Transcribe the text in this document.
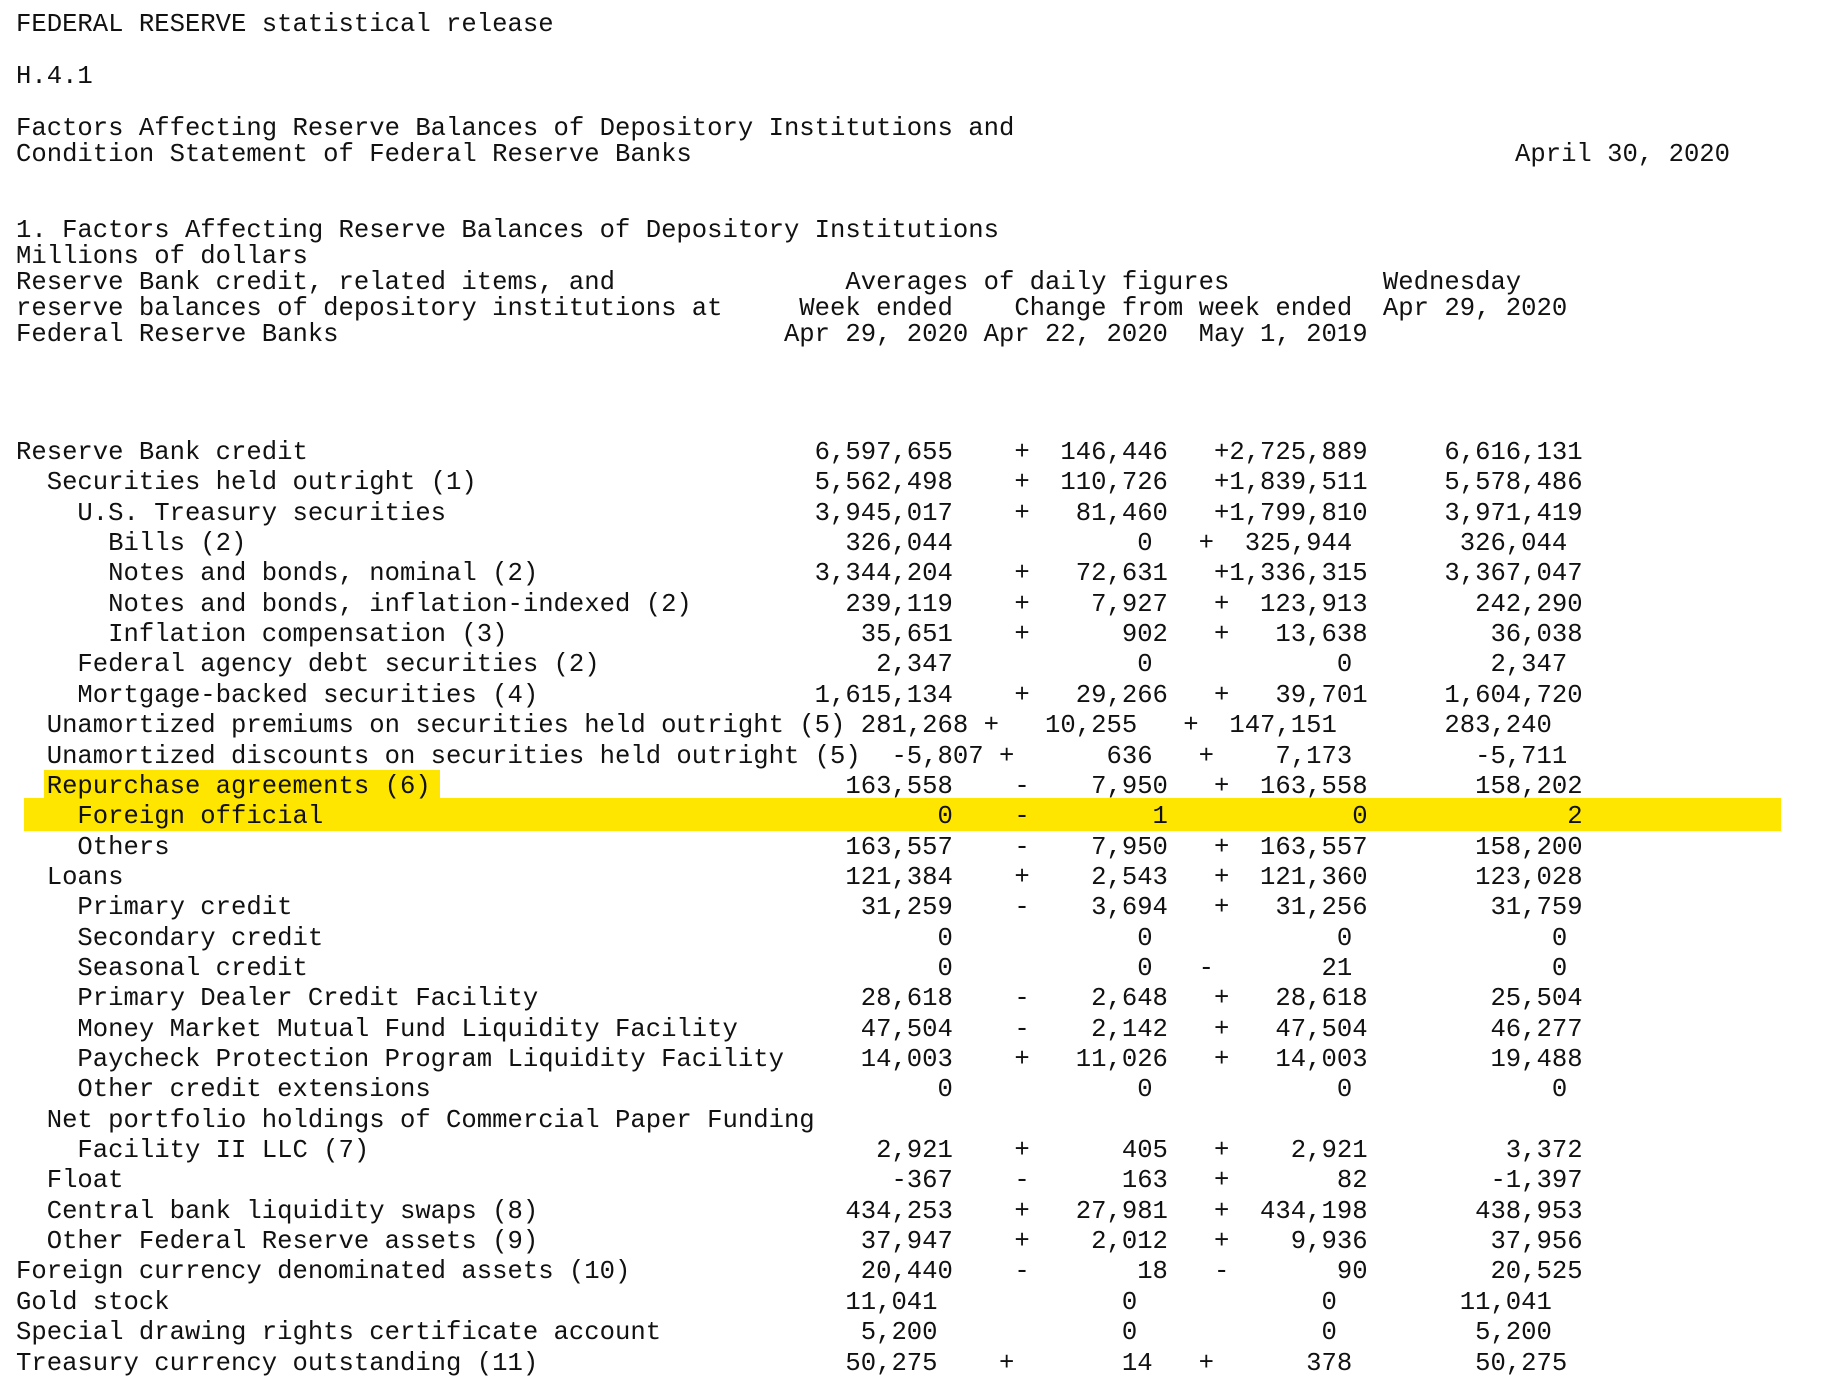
FEDERAL RESERVE statistical release
H.4.1
Factors Affecting Reserve Balances of Depository Institutions and
Condition Statement of Federal Reserve Banks	April 30, 2020
1. Factors Affecting Reserve Balances of Depository Institutions
Millions of dollars
Reserve Bank credit, related items, and               Averages of daily figures          Wednesday
reserve balances of depository institutions at     Week ended    Change from week ended  Apr 29, 2020
Federal Reserve Banks                             Apr 29, 2020 Apr 22, 2020  May 1, 2019
Reserve Bank credit                                 6,597,655    +  146,446   +2,725,889     6,616,131
Securities held outright (1)                      5,562,498    +  110,726   +1,839,511     5,578,486
U.S. Treasury securities                        3,945,017    +   81,460   +1,799,810     3,971,419
Bills (2)                                       326,044            0   +  325,944       326,044
Notes and bonds, nominal (2)                  3,344,204    +   72,631   +1,336,315     3,367,047
Notes and bonds, inflation-indexed (2)          239,119    +    7,927   +  123,913       242,290
Inflation compensation (3)                       35,651    +      902   +   13,638        36,038
Federal agency debt securities (2)                  2,347            0            0         2,347
Mortgage-backed securities (4)                  1,615,134    +   29,266   +   39,701     1,604,720
Unamortized premiums on securities held outright (5) 281,268 +   10,255   +  147,151       283,240
Unamortized discounts on securities held outright (5)  -5,807 +      636   +    7,173        -5,711
Repurchase agreements (6)                           163,558    -    7,950   +  163,558       158,202
Foreign official                                        0    -        1            0             2
Others                                            163,557    -    7,950   +  163,557       158,200
Loans                                               121,384    +    2,543   +  121,360       123,028
Primary credit                                     31,259    -    3,694   +   31,256        31,759
Secondary credit                                        0            0            0             0
Seasonal credit                                         0            0   -       21             0
Primary Dealer Credit Facility                     28,618    -    2,648   +   28,618        25,504
Money Market Mutual Fund Liquidity Facility        47,504    -    2,142   +   47,504        46,277
Paycheck Protection Program Liquidity Facility     14,003    +   11,026   +   14,003        19,488
Other credit extensions                                 0            0            0             0
Net portfolio holdings of Commercial Paper Funding
Facility II LLC (7)                                 2,921    +      405   +    2,921         3,372
Float                                                  -367    -      163   +       82        -1,397
Central bank liquidity swaps (8)                    434,253    +   27,981   +  434,198       438,953
Other Federal Reserve assets (9)                     37,947    +    2,012   +    9,936        37,956
Foreign currency denominated assets (10)               20,440    -       18   -       90        20,525
Gold stock                                            11,041            0            0        11,041
Special drawing rights certificate account             5,200            0            0         5,200
Treasury currency outstanding (11)                    50,275    +       14   +      378        50,275
